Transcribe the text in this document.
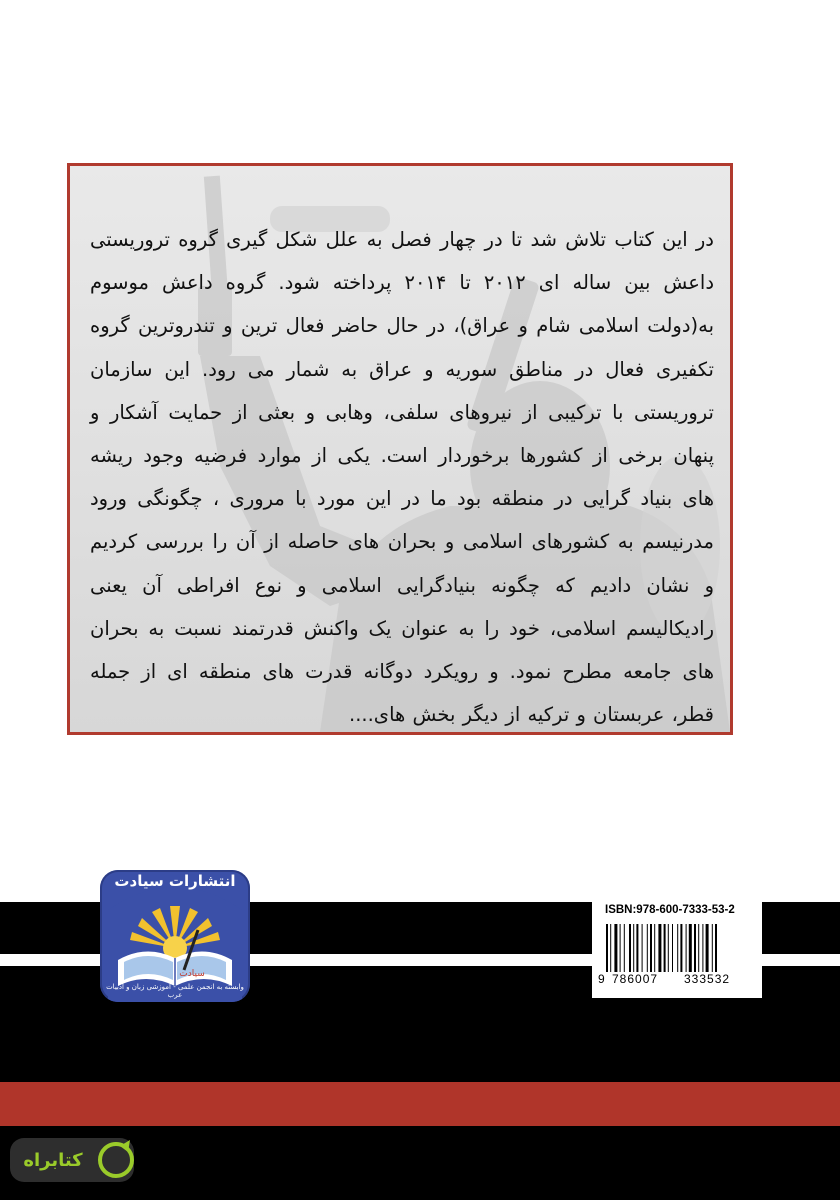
در این کتاب تلاش شد تا در چهار فصل به علل شکل گیری گروه تروریستی داعش بین ساله ای ۲۰۱۲ تا ۲۰۱۴ پرداخته شود. گروه داعش موسوم به(دولت اسلامی شام و عراق)، در حال حاضر فعال ترین و تندروترین گروه تکفیری فعال در مناطق سوریه و عراق به شمار می رود. این سازمان تروریستی با ترکیبی از نیروهای سلفی، وهابی و بعثی از حمایت آشکار و پنهان برخی از کشورها برخوردار است. یکی از موارد فرضیه وجود ریشه های بنیاد گرایی در منطقه بود ما در این مورد با مروری ، چگونگی ورود مدرنیسم به کشورهای اسلامی و بحران های حاصله از آن را بررسی کردیم و نشان دادیم که چگونه بنیادگرایی اسلامی و نوع افراطی آن یعنی رادیکالیسم اسلامی، خود را به عنوان یک واکنش قدرتمند نسبت به بحران های جامعه مطرح نمود. و رویکرد دوگانه قدرت های منطقه ای از جمله قطر، عربستان و ترکیه از دیگر بخش های....
سیادت
انتشارات سیادت
وابسته به انجمن علمی - آموزشی زبان و ادبیات عرب
ISBN:978-600-7333-53-2
9 786007 333532
کتابراه
